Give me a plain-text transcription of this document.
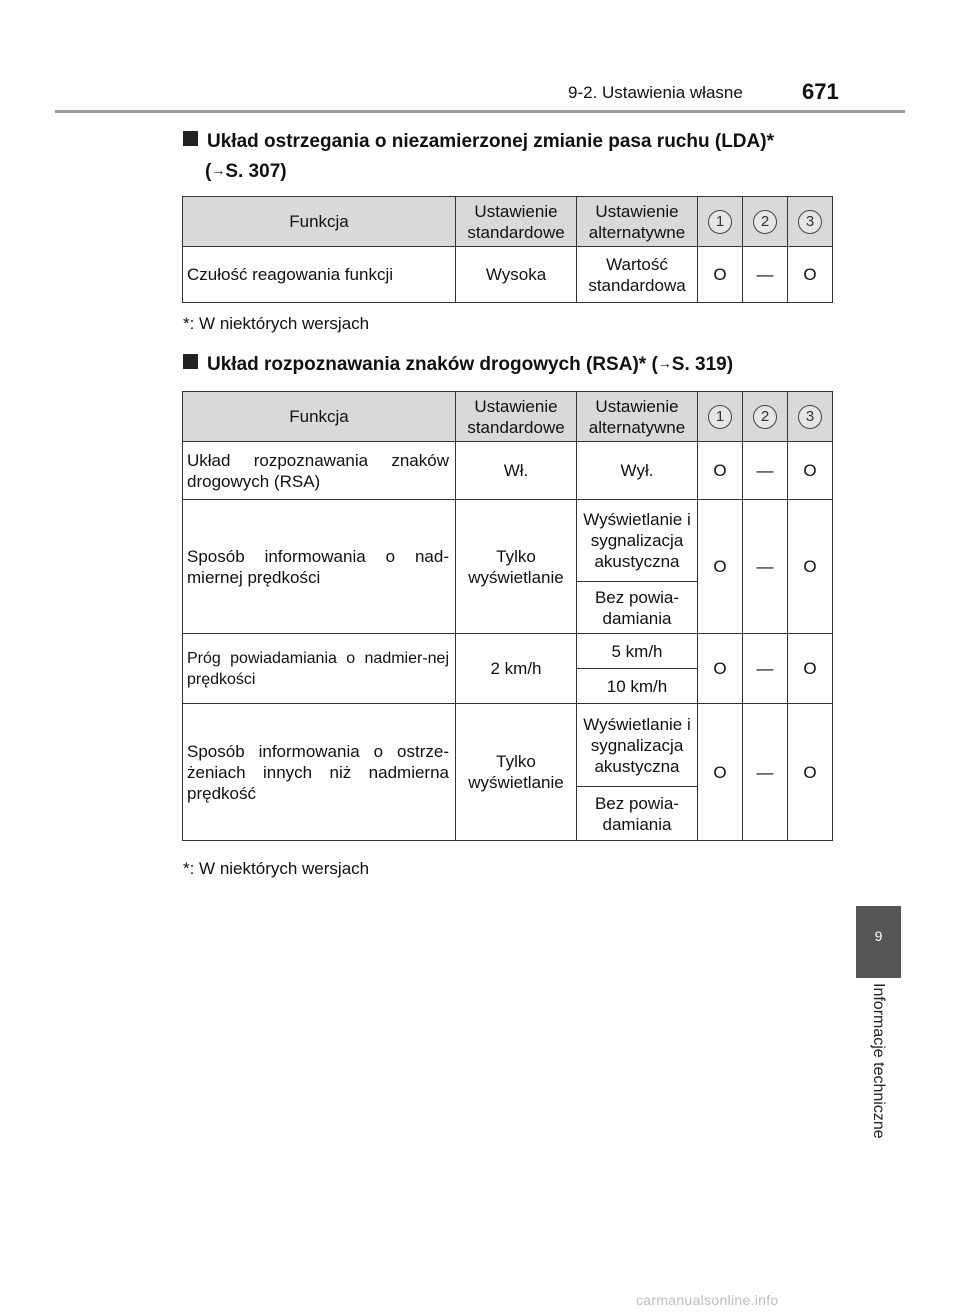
9-2. Ustawienia własne	671
Układ ostrzegania o niezamierzonej zmianie pasa ruchu (LDA)*
(→S. 307)
Funkcja	Ustawienie standardowe	Ustawienie alternatywne	1	2	3
Czułość reagowania funkcji	Wysoka	Wartość standardowa	O	—	O
*: W niektórych wersjach
Układ rozpoznawania znaków drogowych (RSA)* (→S. 319)
Funkcja	Ustawienie standardowe	Ustawienie alternatywne	1	2	3
Układ rozpoznawania znaków drogowych (RSA)	Wł.	Wył.	O	—	O
Sposób informowania o nad-miernej prędkości	Tylko wyświetlanie	Wyświetlanie i sygnalizacja akustyczna	O	—	O
		Bez powia-damiania			
Próg powiadamiania o nadmier-nej prędkości	2 km/h	5 km/h	O	—	O
		10 km/h			
Sposób informowania o ostrze-żeniach innych niż nadmierna prędkość	Tylko wyświetlanie	Wyświetlanie i sygnalizacja akustyczna	O	—	O
		Bez powia-damiania			
*: W niektórych wersjach
9
Informacje techniczne
carmanualsonline.info
